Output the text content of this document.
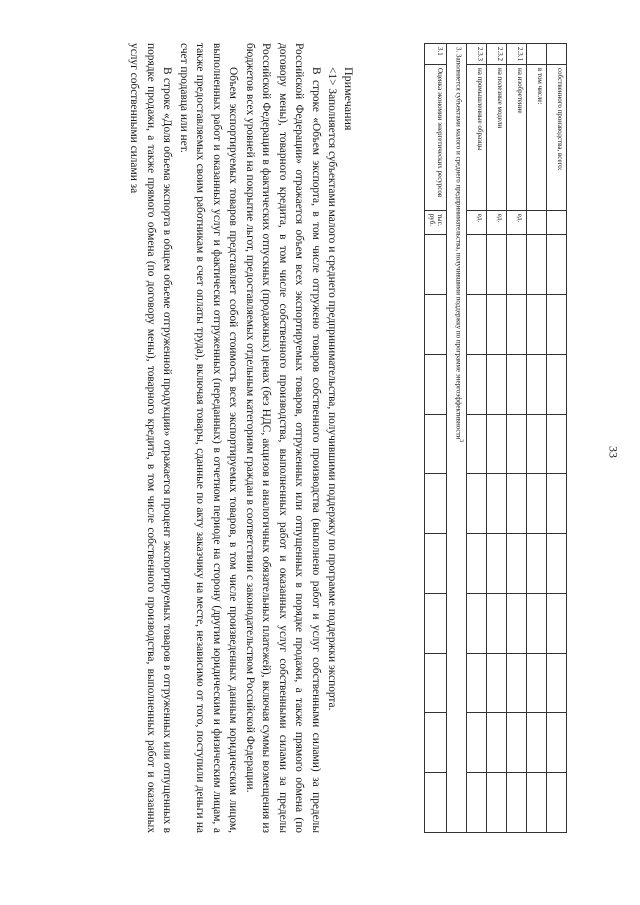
33
	собственного производства, всего:											
	в том числе:											
2.3.1	на изобретение	ед.										
2.3.2	на полезные модели	ед.										
2.3.3	на промышленные образцы	ед.										
3. Заполняется субъектами малого и среднего предпринимательства, получившими поддержку по программе энергоэффективности$^3$
3.1	Оценка экономии энергетических ресурсов	тыс. руб.										
Примечания

<1> Заполняется субъектами малого и среднего предпринимательства, получившими поддержку по программе поддержки экспорта.

В строке «Объем экспорта, в том числе отгружено товаров собственного производства (выполнено работ и услуг собственными силами) за пределы Российской Федерации» отражается объем всех экспортируемых товаров, отгруженных или отпущенных в порядке продажи, а также прямого обмена (по договору мены), товарного кредита, в том числе собственного производства, выполненных работ и оказанных услуг собственными силами за пределы Российской Федерации в фактических отпускных (продажных) ценах (без НДС, акцизов и аналогичных обязательных платежей), включая суммы возмещения из бюджетов всех уровней на покрытие льгот, предоставляемых отдельным категориям граждан в соответствии с законодательством Российской Федерации.

Объем экспортируемых товаров представляет собой стоимость всех экспортируемых товаров, в том числе произведенных данным юридическим лицом, выполненных работ и оказанных услуг и фактически отгруженных (переданных) в отчетном периоде на сторону (другим юридическим и физическим лицам, а также предоставляемых своим работникам в счет оплаты труда), включая товары, сданные по акту заказчику на месте, независимо от того, поступили деньги на счет продавца или нет.

В строке «Доля объема экспорта в общем объеме отгруженной продукции» отражается процент экспортируемых товаров в отгруженных или отпущенных в порядке продажи, а также прямого обмена (по договору мены), товарного кредита, в том числе собственного производства, выполненных работ и оказанных услуг собственными силами за
